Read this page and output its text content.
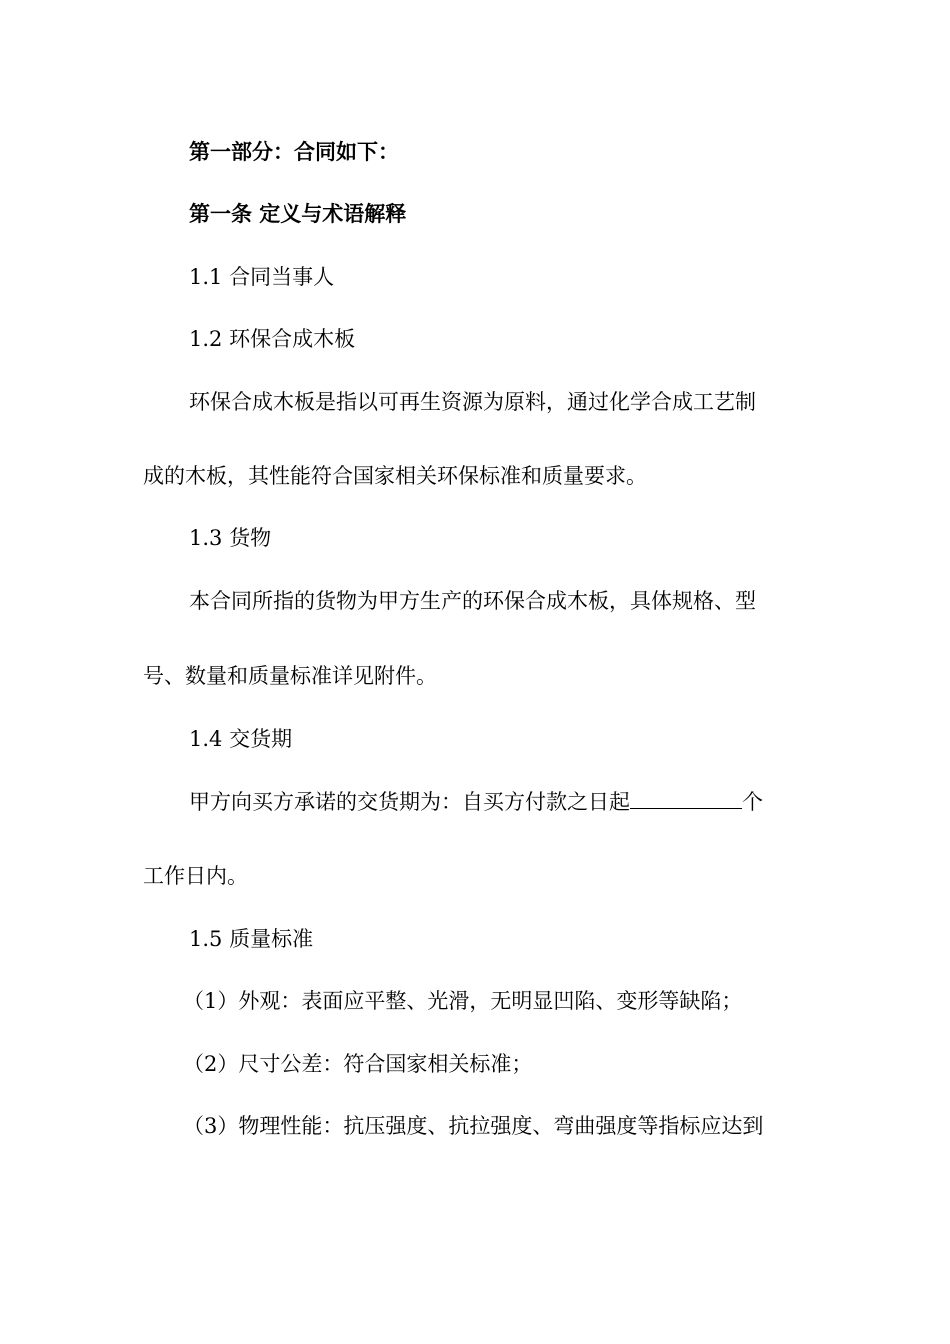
第一部分：合同如下：
第一条 定义与术语解释
1.1 合同当事人
1.2 环保合成木板
环保合成木板是指以可再生资源为原料，通过化学合成工艺制
成的木板，其性能符合国家相关环保标准和质量要求。
1.3 货物
本合同所指的货物为甲方生产的环保合成木板，具体规格、型
号、数量和质量标准详见附件。
1.4 交货期
甲方向买方承诺的交货期为：自买方付款之日起	个
工作日内。
1.5 质量标准
（1）外观：表面应平整、光滑，无明显凹陷、变形等缺陷；
（2）尺寸公差：符合国家相关标准；
（3）物理性能：抗压强度、抗拉强度、弯曲强度等指标应达到
